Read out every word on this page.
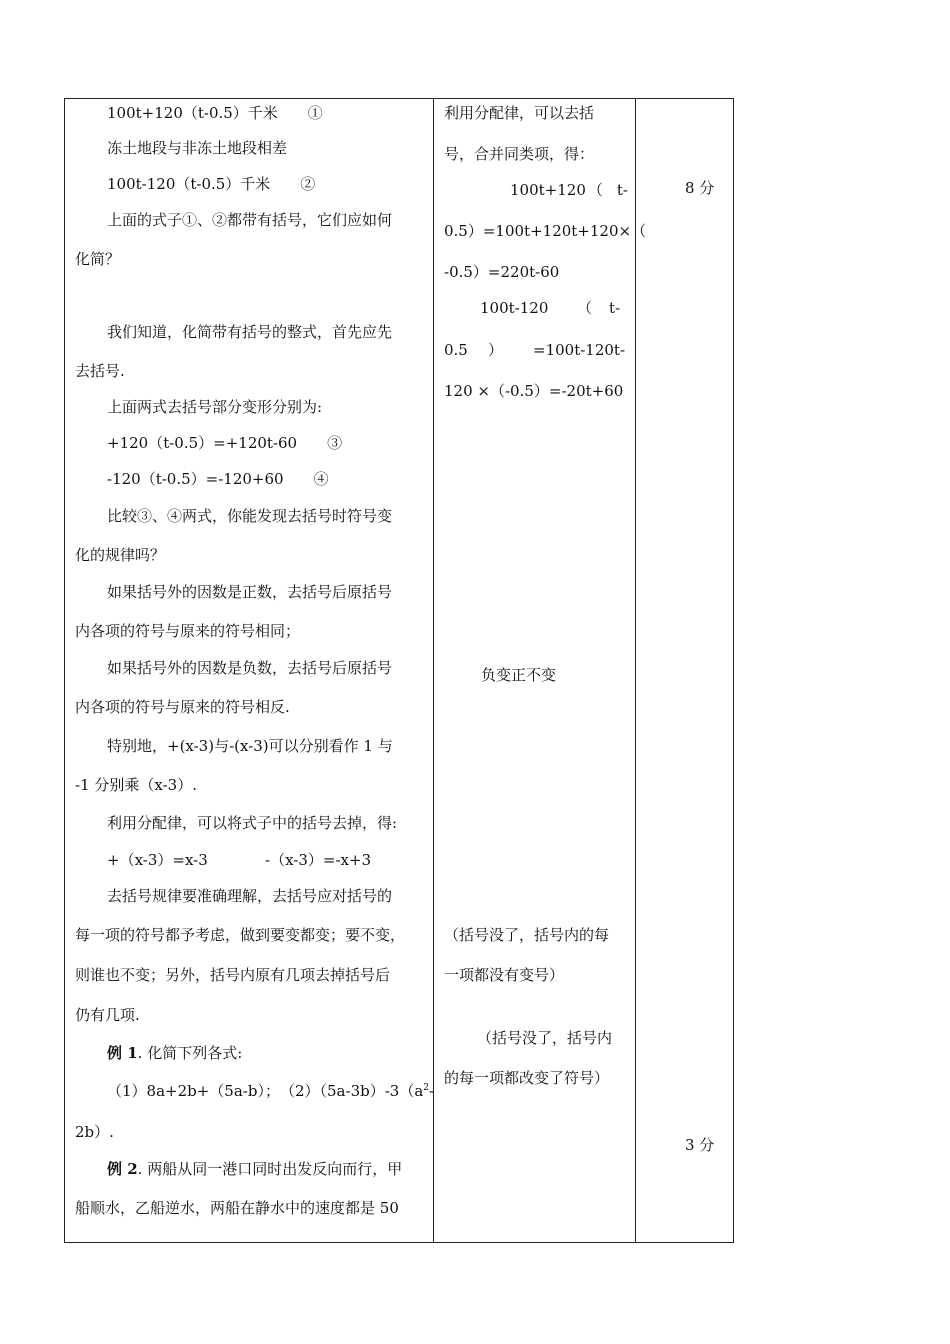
100t+120（t-0.5）千米　　①
冻土地段与非冻土地段相差
100t-120（t-0.5）千米　　②
上面的式子①、②都带有括号，它们应如何
化简？
我们知道，化简带有括号的整式，首先应先
去括号.
上面两式去括号部分变形分别为:
+120（t-0.5）=+120t-60　　③
-120（t-0.5）=-120+60　　④
比较③、④两式，你能发现去括号时符号变
化的规律吗？
如果括号外的因数是正数，去括号后原括号
内各项的符号与原来的符号相同；
如果括号外的因数是负数，去括号后原括号
内各项的符号与原来的符号相反.
特别地，+(x-3)与-(x-3)可以分别看作 1 与
-1 分别乘（x-3）.
利用分配律，可以将式子中的括号去掉，得:
+（x-3）=x-3	-（x-3）=-x+3
去括号规律要准确理解，去括号应对括号的
每一项的符号都予考虑，做到要变都变；要不变，
则谁也不变；另外，括号内原有几项去掉括号后
仍有几项.
例 1. 化简下列各式:
（1）8a+2b+（5a-b）；　$(2)(5a-3b)-3(a^2-$
2b）.
例 2. 两船从同一港口同时出发反向而行，甲
船顺水，乙船逆水，两船在静水中的速度都是 50
利用分配律，可以去括
号，合并同类项，得：
100t+120 （ t-
0.5）=100t+120t+120×（
-0.5）=220t-60
100t-120 （ t-
0.5 ） =100t-120t-
120 ×（-0.5）=-20t+60
负变正不变
（括号没了，括号内的每
一项都没有变号）
（括号没了，括号内
的每一项都改变了符号）
8 分
3 分
